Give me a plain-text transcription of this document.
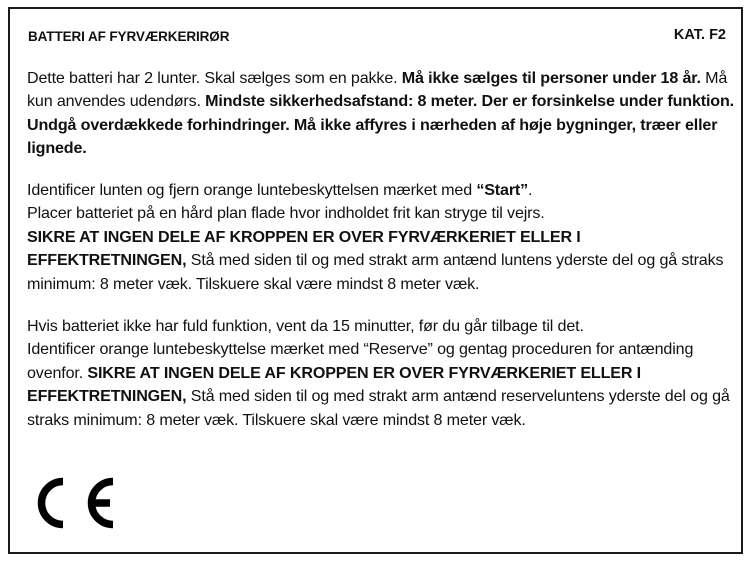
BATTERI AF FYRVÆRKERIRØR	KAT. F2
Dette batteri har 2 lunter. Skal sælges som en pakke. Må ikke sælges til personer under 18 år. Må kun anvendes udendørs. Mindste sikkerhedsafstand: 8 meter. Der er forsinkelse under funktion. Undgå overdækkede forhindringer. Må ikke affyres i nærheden af høje bygninger, træer eller lignede.
Identificer lunten og fjern orange luntebeskyttelsen mærket med “Start”.
Placer batteriet på en hård plan flade hvor indholdet frit kan stryge til vejrs.
SIKRE AT INGEN DELE AF KROPPEN ER OVER FYRVÆRKERIET ELLER I EFFEKTRETNINGEN, Stå med siden til og med strakt arm antænd luntens yderste del og gå straks minimum: 8 meter væk. Tilskuere skal være mindst 8 meter væk.
Hvis batteriet ikke har fuld funktion, vent da 15 minutter, før du går tilbage til det.
Identificer orange luntebeskyttelse mærket med “Reserve” og gentag proceduren for antænding ovenfor. SIKRE AT INGEN DELE AF KROPPEN ER OVER FYRVÆRKERIET ELLER I EFFEKTRETNINGEN, Stå med siden til og med strakt arm antænd reserveluntens yderste del og gå straks minimum: 8 meter væk. Tilskuere skal være mindst 8 meter væk.
